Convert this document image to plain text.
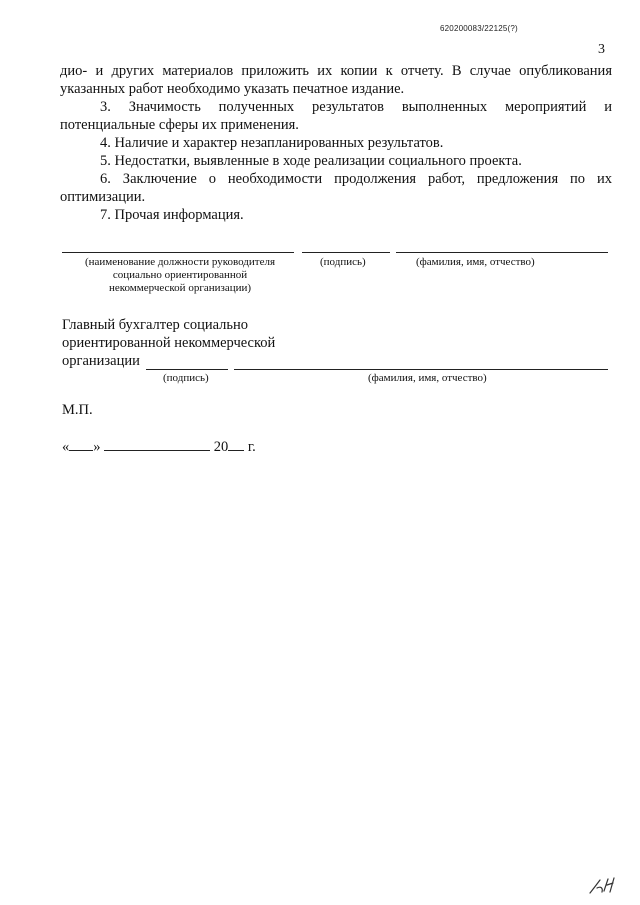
620200083/22125(?)
3

дио- и других материалов приложить их копии к отчету. В случае опубликования указанных работ необходимо указать печатное издание.

3. Значимость полученных результатов выполненных мероприятий и потенциальные сферы их применения.

4. Наличие и характер незапланированных результатов.

5. Недостатки, выявленные в ходе реализации социального проекта.

6. Заключение о необходимости продолжения работ, предложения по их оптимизации.

7. Прочая информация.

(наименование должности руководителя
социально ориентированной
некоммерческой организации)
(подпись)	(фамилия, имя, отчество)
Главный бухгалтер социально
ориентированной некоммерческой
организации
(подпись)	(фамилия, имя, отчество)
М.П.
« »	20 г.
